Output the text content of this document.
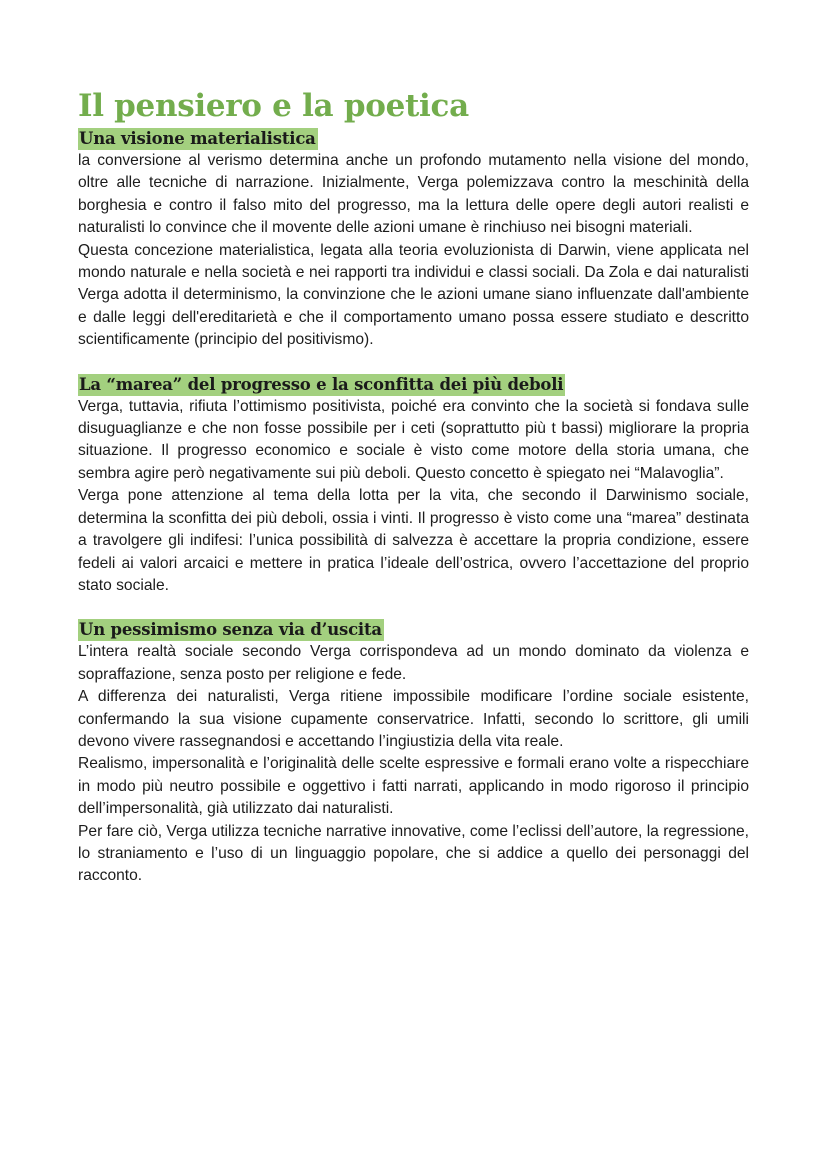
Il pensiero e la poetica
Una visione materialistica

la conversione al verismo determina anche un profondo mutamento nella visione del mondo, oltre alle tecniche di narrazione. Inizialmente, Verga polemizzava contro la meschinità della borghesia e contro il falso mito del progresso, ma la lettura delle opere degli autori realisti e naturalisti lo convince che il movente delle azioni umane è rinchiuso nei bisogni materiali.

Questa concezione materialistica, legata alla teoria evoluzionista di Darwin, viene applicata nel mondo naturale e nella società e nei rapporti tra individui e classi sociali. Da Zola e dai naturalisti Verga adotta il determinismo, la convinzione che le azioni umane siano influenzate dall'ambiente e dalle leggi dell'ereditarietà e che il comportamento umano possa essere studiato e descritto scientificamente (principio del positivismo).

La “marea” del progresso e la sconfitta dei più deboli

Verga, tuttavia, rifiuta l’ottimismo positivista, poiché era convinto che la società si fondava sulle disuguaglianze e che non fosse possibile per i ceti (soprattutto più t bassi) migliorare la propria situazione. Il progresso economico e sociale è visto come motore della storia umana, che sembra agire però negativamente sui più deboli. Questo concetto è spiegato nei “Malavoglia”.

Verga pone attenzione al tema della lotta per la vita, che secondo il Darwinismo sociale, determina la sconfitta dei più deboli, ossia i vinti. Il progresso è visto come una “marea” destinata a travolgere gli indifesi: l’unica possibilità di salvezza è accettare la propria condizione, essere fedeli ai valori arcaici e mettere in pratica l’ideale dell’ostrica, ovvero l’accettazione del proprio stato sociale.

Un pessimismo senza via d’uscita

L’intera realtà sociale secondo Verga corrispondeva ad un mondo dominato da violenza e sopraffazione, senza posto per religione e fede.

A differenza dei naturalisti, Verga ritiene impossibile modificare l’ordine sociale esistente, confermando la sua visione cupamente conservatrice. Infatti, secondo lo scrittore, gli umili devono vivere rassegnandosi e accettando l’ingiustizia della vita reale.

Realismo, impersonalità e l’originalità delle scelte espressive e formali erano volte a rispecchiare in modo più neutro possibile e oggettivo i fatti narrati, applicando in modo rigoroso il principio dell’impersonalità, già utilizzato dai naturalisti.

Per fare ciò, Verga utilizza tecniche narrative innovative, come l’eclissi dell’autore, la regressione, lo straniamento e l’uso di un linguaggio popolare, che si addice a quello dei personaggi del racconto.
